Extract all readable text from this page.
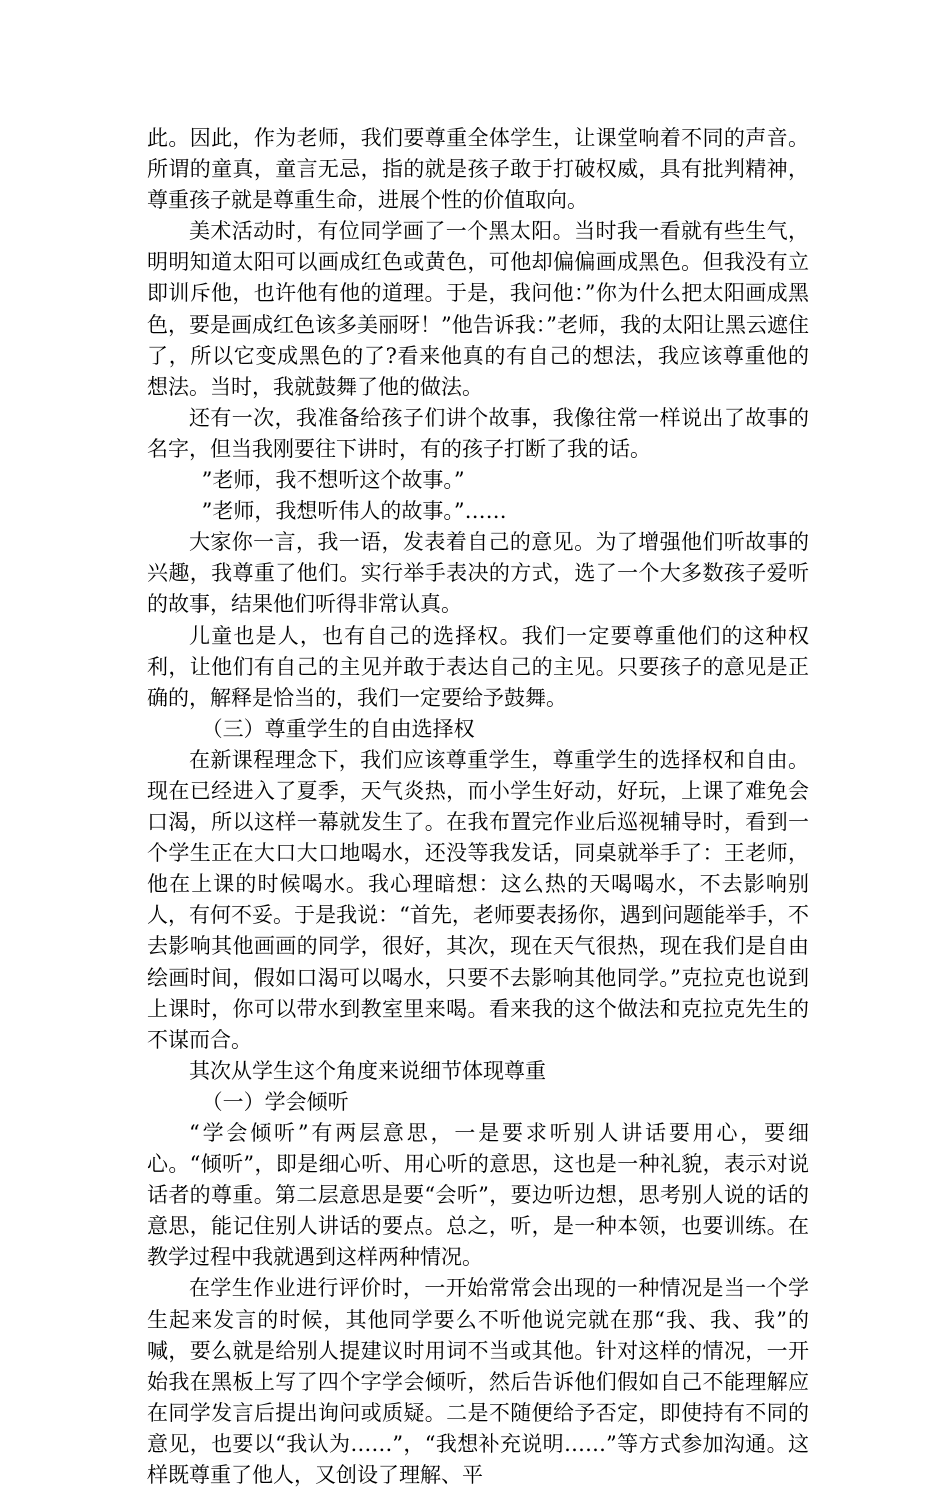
此。因此，作为老师，我们要尊重全体学生，让课堂响着不同的声音。所谓的童真，童言无忌，指的就是孩子敢于打破权威，具有批判精神，尊重孩子就是尊重生命，进展个性的价值取向。

美术活动时，有位同学画了一个黑太阳。当时我一看就有些生气，明明知道太阳可以画成红色或黄色，可他却偏偏画成黑色。但我没有立即训斥他，也许他有他的道理。于是，我问他：”你为什么把太阳画成黑色，要是画成红色该多美丽呀！”他告诉我：”老师，我的太阳让黑云遮住了，所以它变成黑色的了?看来他真的有自己的想法，我应该尊重他的想法。当时，我就鼓舞了他的做法。

还有一次，我准备给孩子们讲个故事，我像往常一样说出了故事的名字，但当我刚要往下讲时，有的孩子打断了我的话。

”老师，我不想听这个故事。”

”老师，我想听伟人的故事。”……

大家你一言，我一语，发表着自己的意见。为了增强他们听故事的兴趣，我尊重了他们。实行举手表决的方式，选了一个大多数孩子爱听的故事，结果他们听得非常认真。

儿童也是人，也有自己的选择权。我们一定要尊重他们的这种权利，让他们有自己的主见并敢于表达自己的主见。只要孩子的意见是正确的，解释是恰当的，我们一定要给予鼓舞。

（三）尊重学生的自由选择权

在新课程理念下，我们应该尊重学生，尊重学生的选择权和自由。现在已经进入了夏季，天气炎热，而小学生好动，好玩，上课了难免会口渴，所以这样一幕就发生了。在我布置完作业后巡视辅导时，看到一个学生正在大口大口地喝水，还没等我发话，同桌就举手了：王老师，他在上课的时候喝水。我心理暗想：这么热的天喝喝水，不去影响别人，有何不妥。于是我说：“首先，老师要表扬你，遇到问题能举手，不去影响其他画画的同学，很好，其次，现在天气很热，现在我们是自由绘画时间，假如口渴可以喝水，只要不去影响其他同学。”克拉克也说到上课时，你可以带水到教室里来喝。看来我的这个做法和克拉克先生的不谋而合。

其次从学生这个角度来说细节体现尊重

（一）学会倾听

“学会倾听”有两层意思，一是要求听别人讲话要用心，要细心。“倾听”，即是细心听、用心听的意思，这也是一种礼貌，表示对说话者的尊重。第二层意思是要“会听”，要边听边想，思考别人说的话的意思，能记住别人讲话的要点。总之，听，是一种本领，也要训练。在教学过程中我就遇到这样两种情况。

在学生作业进行评价时，一开始常常会出现的一种情况是当一个学生起来发言的时候，其他同学要么不听他说完就在那“我、我、我”的喊，要么就是给别人提建议时用词不当或其他。针对这样的情况，一开始我在黑板上写了四个字学会倾听，然后告诉他们假如自己不能理解应在同学发言后提出询问或质疑。二是不随便给予否定，即使持有不同的意见，也要以“我认为……”，“我想补充说明……”等方式参加沟通。这样既尊重了他人，又创设了理解、平
